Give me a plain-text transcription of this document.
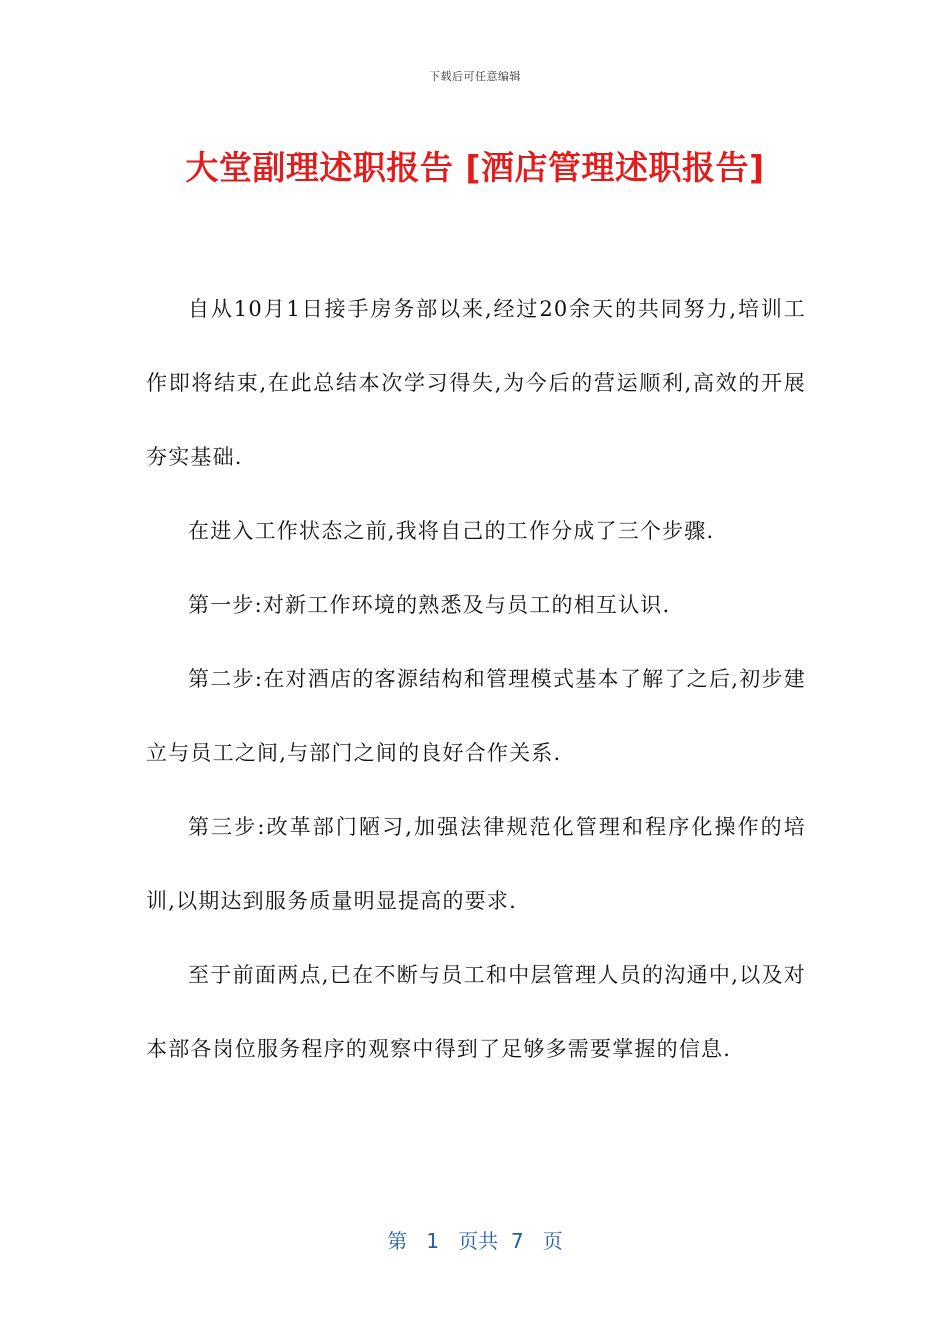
下载后可任意编辑
大堂副理述职报告 [酒店管理述职报告]

自从10月1日接手房务部以来,经过20余天的共同努力,培训工作即将结束,在此总结本次学习得失,为今后的营运顺利,高效的开展夯实基础.

在进入工作状态之前,我将自己的工作分成了三个步骤.

第一步:对新工作环境的熟悉及与员工的相互认识.

第二步:在对酒店的客源结构和管理模式基本了解了之后,初步建立与员工之间,与部门之间的良好合作关系.

第三步:改革部门陋习,加强法律规范化管理和程序化操作的培训,以期达到服务质量明显提高的要求.

至于前面两点,已在不断与员工和中层管理人员的沟通中,以及对本部各岗位服务程序的观察中得到了足够多需要掌握的信息.

第 1 页共 7 页
